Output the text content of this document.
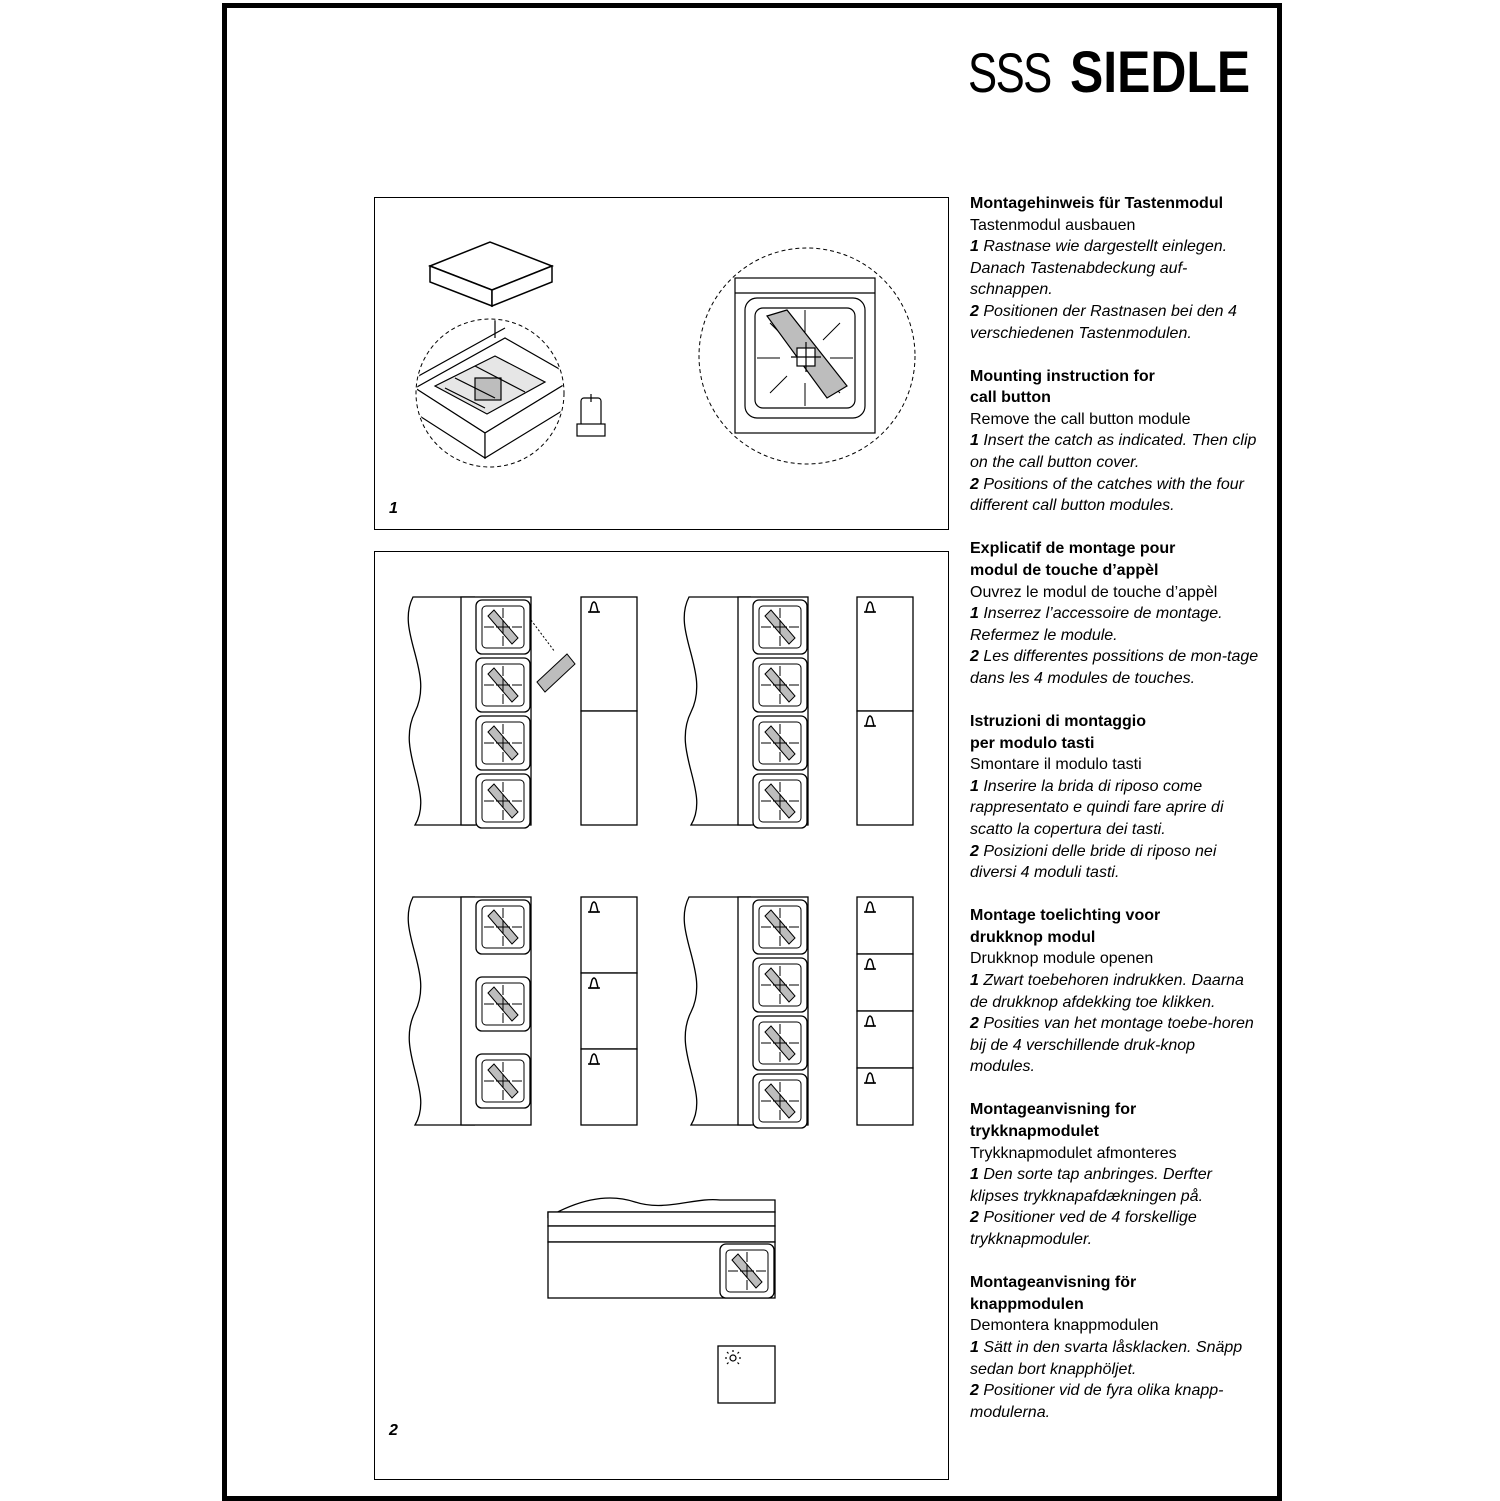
SSS SIEDLE
1
2
Montagehinweis für Tastenmodul

Tastenmodul ausbauen

1 Rastnase wie dargestellt einlegen. Danach Tastenabdeckung auf-schnappen.

2 Positionen der Rastnasen bei den 4 verschiedenen Tastenmodulen.

Mounting instruction for call button

Remove the call button module

1 Insert the catch as indicated. Then clip on the call button cover.

2 Positions of the catches with the four different call button modules.

Explicatif de montage pour modul de touche d’appèl

Ouvrez le modul de touche d’appèl

1 Inserrez l’accessoire de montage. Refermez le module.

2 Les differentes possitions de mon-tage dans les 4 modules de touches.

Istruzioni di montaggio per modulo tasti

Smontare il modulo tasti

1 Inserire la brida di riposo come rappresentato e quindi fare aprire di scatto la copertura dei tasti.

2 Posizioni delle bride di riposo nei diversi 4 moduli tasti.

Montage toelichting voor drukknop modul

Drukknop module openen

1 Zwart toebehoren indrukken. Daarna de drukknop afdekking toe klikken.

2 Posities van het montage toebe-horen bij de 4 verschillende druk-knop modules.

Montageanvisning for trykknapmodulet

Trykknapmodulet afmonteres

1 Den sorte tap anbringes. Derfter klipses trykknapafdækningen på.

2 Positioner ved de 4 forskellige trykknapmoduler.

Montageanvisning för knappmodulen

Demontera knappmodulen

1 Sätt in den svarta låsklacken. Snäpp sedan bort knapphöljet.

2 Positioner vid de fyra olika knapp-modulerna.
